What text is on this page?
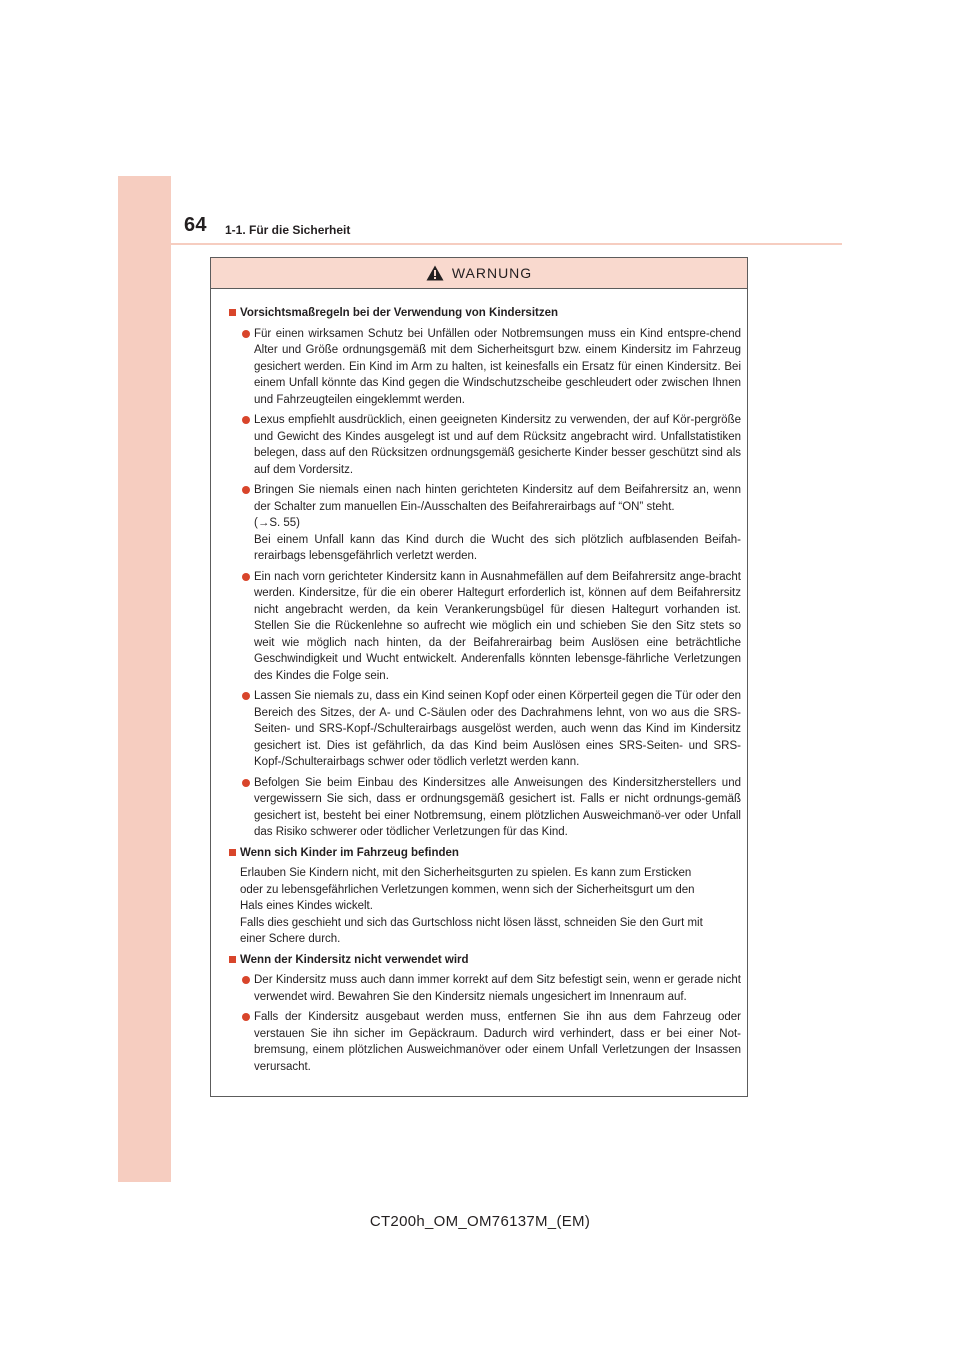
64 1-1. Für die Sicherheit
WARNUNG
Vorsichtsmaßregeln bei der Verwendung von Kindersitzen
Für einen wirksamen Schutz bei Unfällen oder Notbremsungen muss ein Kind entspre-chend Alter und Größe ordnungsgemäß mit dem Sicherheitsgurt bzw. einem Kindersitz im Fahrzeug gesichert werden. Ein Kind im Arm zu halten, ist keinesfalls ein Ersatz für einen Kindersitz. Bei einem Unfall könnte das Kind gegen die Windschutzscheibe geschleudert oder zwischen Ihnen und Fahrzeugteilen eingeklemmt werden.
Lexus empfiehlt ausdrücklich, einen geeigneten Kindersitz zu verwenden, der auf Kör-pergröße und Gewicht des Kindes ausgelegt ist und auf dem Rücksitz angebracht wird. Unfallstatistiken belegen, dass auf den Rücksitzen ordnungsgemäß gesicherte Kinder besser geschützt sind als auf dem Vordersitz.
Bringen Sie niemals einen nach hinten gerichteten Kindersitz auf dem Beifahrersitz an, wenn der Schalter zum manuellen Ein-/Ausschalten des Beifahrerairbags auf “ON” steht.
(→S. 55)
Bei einem Unfall kann das Kind durch die Wucht des sich plötzlich aufblasenden Beifah-rerairbags lebensgefährlich verletzt werden.
Ein nach vorn gerichteter Kindersitz kann in Ausnahmefällen auf dem Beifahrersitz ange-bracht werden. Kindersitze, für die ein oberer Haltegurt erforderlich ist, können auf dem Beifahrersitz nicht angebracht werden, da kein Verankerungsbügel für diesen Haltegurt vorhanden ist. Stellen Sie die Rückenlehne so aufrecht wie möglich ein und schieben Sie den Sitz stets so weit wie möglich nach hinten, da der Beifahrerairbag beim Auslösen eine beträchtliche Geschwindigkeit und Wucht entwickelt. Anderenfalls könnten lebensge-fährliche Verletzungen des Kindes die Folge sein.
Lassen Sie niemals zu, dass ein Kind seinen Kopf oder einen Körperteil gegen die Tür oder den Bereich des Sitzes, der A- und C-Säulen oder des Dachrahmens lehnt, von wo aus die SRS-Seiten- und SRS-Kopf-/Schulterairbags ausgelöst werden, auch wenn das Kind im Kindersitz gesichert ist. Dies ist gefährlich, da das Kind beim Auslösen eines SRS-Seiten- und SRS-Kopf-/Schulterairbags schwer oder tödlich verletzt werden kann.
Befolgen Sie beim Einbau des Kindersitzes alle Anweisungen des Kindersitzherstellers und vergewissern Sie sich, dass er ordnungsgemäß gesichert ist. Falls er nicht ordnungs-gemäß gesichert ist, besteht bei einer Notbremsung, einem plötzlichen Ausweichmanö-ver oder Unfall das Risiko schwerer oder tödlicher Verletzungen für das Kind.
Wenn sich Kinder im Fahrzeug befinden
Erlauben Sie Kindern nicht, mit den Sicherheitsgurten zu spielen. Es kann zum Ersticken
oder zu lebensgefährlichen Verletzungen kommen, wenn sich der Sicherheitsgurt um den
Hals eines Kindes wickelt.
Falls dies geschieht und sich das Gurtschloss nicht lösen lässt, schneiden Sie den Gurt mit
einer Schere durch.
Wenn der Kindersitz nicht verwendet wird
Der Kindersitz muss auch dann immer korrekt auf dem Sitz befestigt sein, wenn er gerade nicht verwendet wird. Bewahren Sie den Kindersitz niemals ungesichert im Innenraum auf.
Falls der Kindersitz ausgebaut werden muss, entfernen Sie ihn aus dem Fahrzeug oder verstauen Sie ihn sicher im Gepäckraum. Dadurch wird verhindert, dass er bei einer Not-bremsung, einem plötzlichen Ausweichmanöver oder einem Unfall Verletzungen der Insassen verursacht.
CT200h_OM_OM76137M_(EM)
